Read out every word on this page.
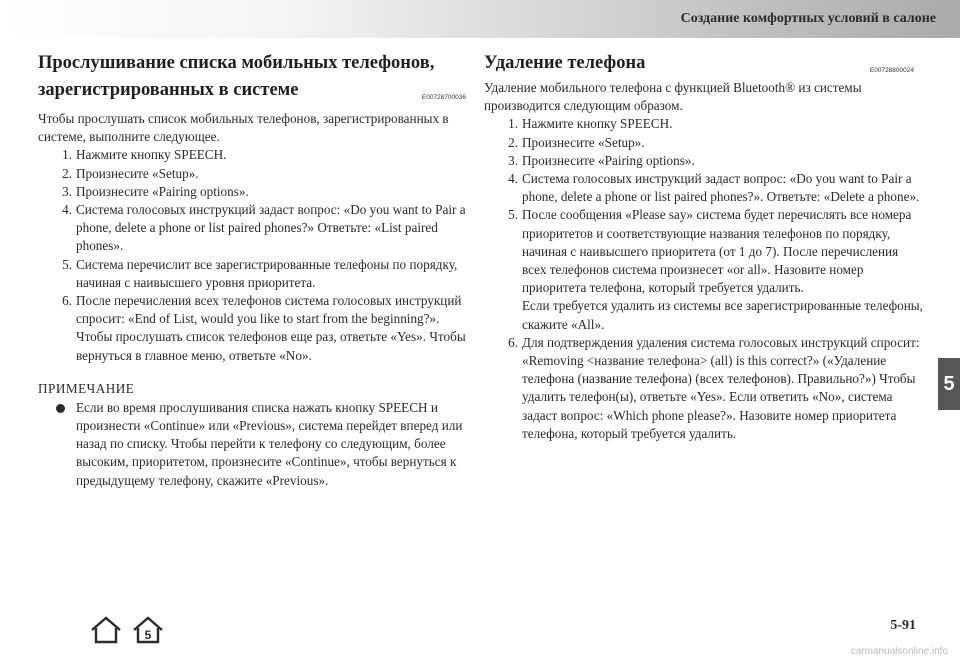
Создание комфортных условий в салоне
Прослушивание списка мобильных телефонов,
зарегистрированных в системе	E00728700036

Чтобы прослушать список мобильных телефонов, зарегистрированных в системе, выполните следующее.

1. Нажмите кнопку SPEECH.
2. Произнесите «Setup».
3. Произнесите «Pairing options».
4. Система голосовых инструкций задаст вопрос: «Do you want to Pair a phone, delete a phone or list paired phones?» Ответьте: «List paired phones».
5. Система перечислит все зарегистрированные телефоны по порядку, начиная с наивысшего уровня приоритета.
6. После перечисления всех телефонов система голосовых инструкций спросит: «End of List, would you like to start from the beginning?». Чтобы прослушать список телефонов еще раз, ответьте «Yes». Чтобы вернуться в главное меню, ответьте «No».
ПРИМЕЧАНИЕ
Если во время прослушивания списка нажать кнопку SPEECH и произнести «Continue» или «Previous», система перейдет вперед или назад по списку. Чтобы перейти к телефону со следующим, более высоким, приоритетом, произнесите «Continue», чтобы вернуться к предыдущему телефону, скажите «Previous».
Удаление телефона	E00728800024

Удаление мобильного телефона с функцией Bluetooth® из системы производится следующим образом.

1. Нажмите кнопку SPEECH.
2. Произнесите «Setup».
3. Произнесите «Pairing options».
4. Система голосовых инструкций задаст вопрос: «Do you want to Pair a phone, delete a phone or list paired phones?». Ответьте: «Delete a phone».
5. После сообщения «Please say» система будет перечислять все номера приоритетов и соответствующие названия телефонов по порядку, начиная с наивысшего приоритета (от 1 до 7). После перечисления всех телефонов система произнесет «or all». Назовите номер приоритета телефона, который требуется удалить.
Если требуется удалить из системы все зарегистрированные телефоны, скажите «All».
6. Для подтверждения удаления система голосовых инструкций спросит: «Removing <название телефона> (all) is this correct?» («Удаление телефона (название телефона) (всех телефонов). Правильно?») Чтобы удалить телефон(ы), ответьте «Yes». Если ответить «No», система задаст вопрос: «Which phone please?». Назовите номер приоритета телефона, который требуется удалить.
5
5
5-91
carmanualsonline.info
